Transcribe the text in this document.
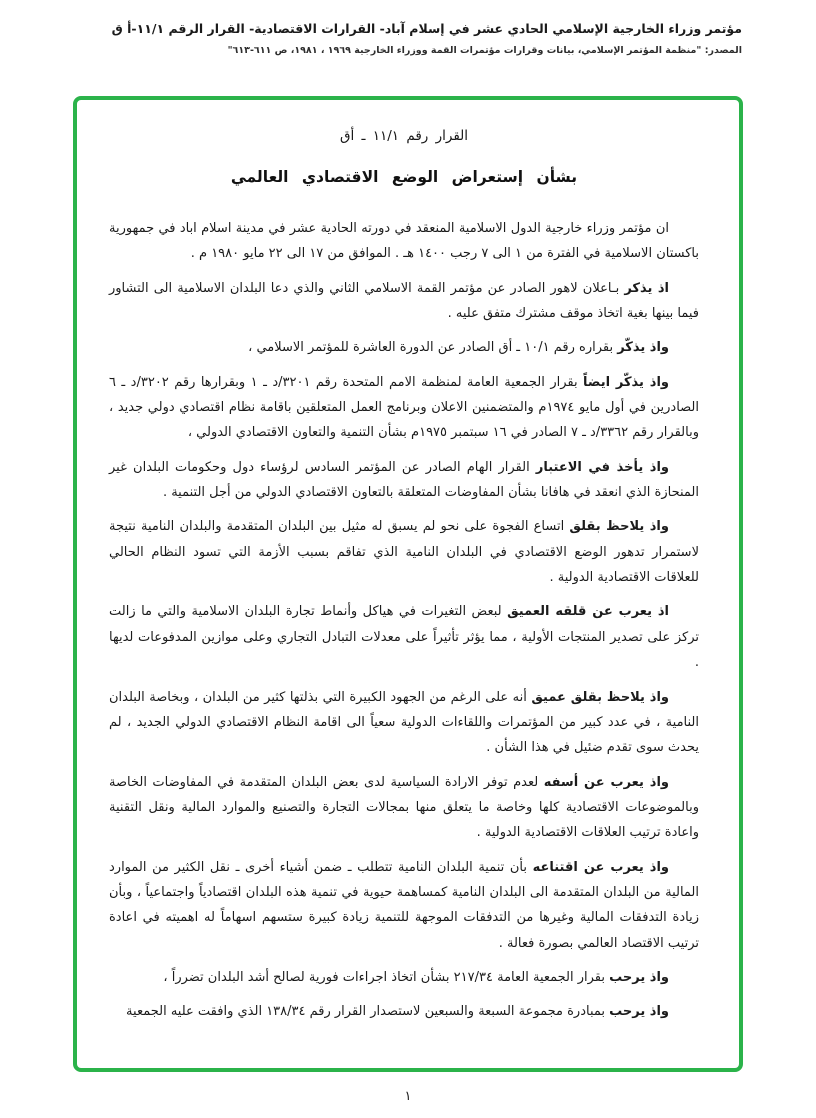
مؤتمر وزراء الخارجية الإسلامي الحادي عشر في إسلام آباد- القرارات الاقتصادية- القرار الرقم ١١/١-أ ق
المصدر: "منظمة المؤتمر الإسلامي، بيانات وقرارات مؤتمرات القمة ووزراء الخارجية ١٩٦٩ ، ١٩٨١، ص ٦١١-٦١٣"
القرار رقم ١١/١ ـ أق
بشأن إستعراض الوضع الاقتصادي العالمي

ان مؤتمر وزراء خارجية الدول الاسلامية المنعقد في دورته الحادية عشر في مدينة اسلام اباد في جمهورية باكستان الاسلامية في الفترة من ١ الى ٧ رجب ١٤٠٠ هـ . الموافق من ١٧ الى ٢٢ مايو ١٩٨٠ م .

اذ يذكر بـاعلان لاهور الصادر عن مؤتمر القمة الاسلامي الثاني والذي دعا البلدان الاسلامية الى التشاور فيما بينها بغية اتخاذ موقف مشترك متفق عليه .

واذ يذكّر بقراره رقم ١٠/١ ـ أق الصادر عن الدورة العاشرة للمؤتمر الاسلامي ،

واذ يذكّر ايضاً بقرار الجمعية العامة لمنظمة الامم المتحدة رقم ٣٢٠١/د ـ ١ وبقرارها رقم ٣٢٠٢/د ـ ٦ الصادرين في أول مايو ١٩٧٤م والمتضمنين الاعلان وبرنامج العمل المتعلقين باقامة نظام اقتصادي دولي جديد ، وبالقرار رقم ٣٣٦٢/د ـ ٧ الصادر في ١٦ سبتمبر ١٩٧٥م بشأن التنمية والتعاون الاقتصادي الدولي ،

واذ يأخذ في الاعتبار القرار الهام الصادر عن المؤتمر السادس لرؤساء دول وحكومات البلدان غير المنحازة الذي انعقد في هافانا بشأن المفاوضات المتعلقة بالتعاون الاقتصادي الدولي من أجل التنمية .

واذ يلاحظ بقلق اتساع الفجوة على نحو لم يسبق له مثيل بين البلدان المتقدمة والبلدان النامية نتيجة لاستمرار تدهور الوضع الاقتصادي في البلدان النامية الذي تفاقم بسبب الأزمة التي تسود النظام الحالي للعلاقات الاقتصادية الدولية .

اذ يعرب عن قلقه العميق لبعض التغيرات في هياكل وأنماط تجارة البلدان الاسلامية والتي ما زالت تركز على تصدير المنتجات الأولية ، مما يؤثر تأثيراً على معدلات التبادل التجاري وعلى موازين المدفوعات لديها .

واذ يلاحظ بقلق عميق أنه على الرغم من الجهود الكبيرة التي بذلتها كثير من البلدان ، وبخاصة البلدان النامية ، في عدد كبير من المؤتمرات واللقاءات الدولية سعياً الى اقامة النظام الاقتصادي الدولي الجديد ، لم يحدث سوى تقدم ضئيل في هذا الشأن .

واذ يعرب عن أسفه لعدم توفر الارادة السياسية لدى بعض البلدان المتقدمة في المفاوضات الخاصة وبالموضوعات الاقتصادية كلها وخاصة ما يتعلق منها بمجالات التجارة والتصنيع والموارد المالية ونقل التقنية واعادة ترتيب العلاقات الاقتصادية الدولية .

واذ يعرب عن اقتناعه بأن تنمية البلدان النامية تتطلب ـ ضمن أشياء أخرى ـ نقل الكثير من الموارد المالية من البلدان المتقدمة الى البلدان النامية كمساهمة حيوية في تنمية هذه البلدان اقتصادياً واجتماعياً ، وبأن زيادة التدفقات المالية وغيرها من التدفقات الموجهة للتنمية زيادة كبيرة ستسهم اسهاماً له اهميته في اعادة ترتيب الاقتصاد العالمي بصورة فعالة .

واذ يرحب بقرار الجمعية العامة ٢١٧/٣٤ بشأن اتخاذ اجراءات فورية لصالح أشد البلدان تضرراً ،

واذ يرحب بمبادرة مجموعة السبعة والسبعين لاستصدار القرار رقم ١٣٨/٣٤ الذي وافقت عليه الجمعية

١
